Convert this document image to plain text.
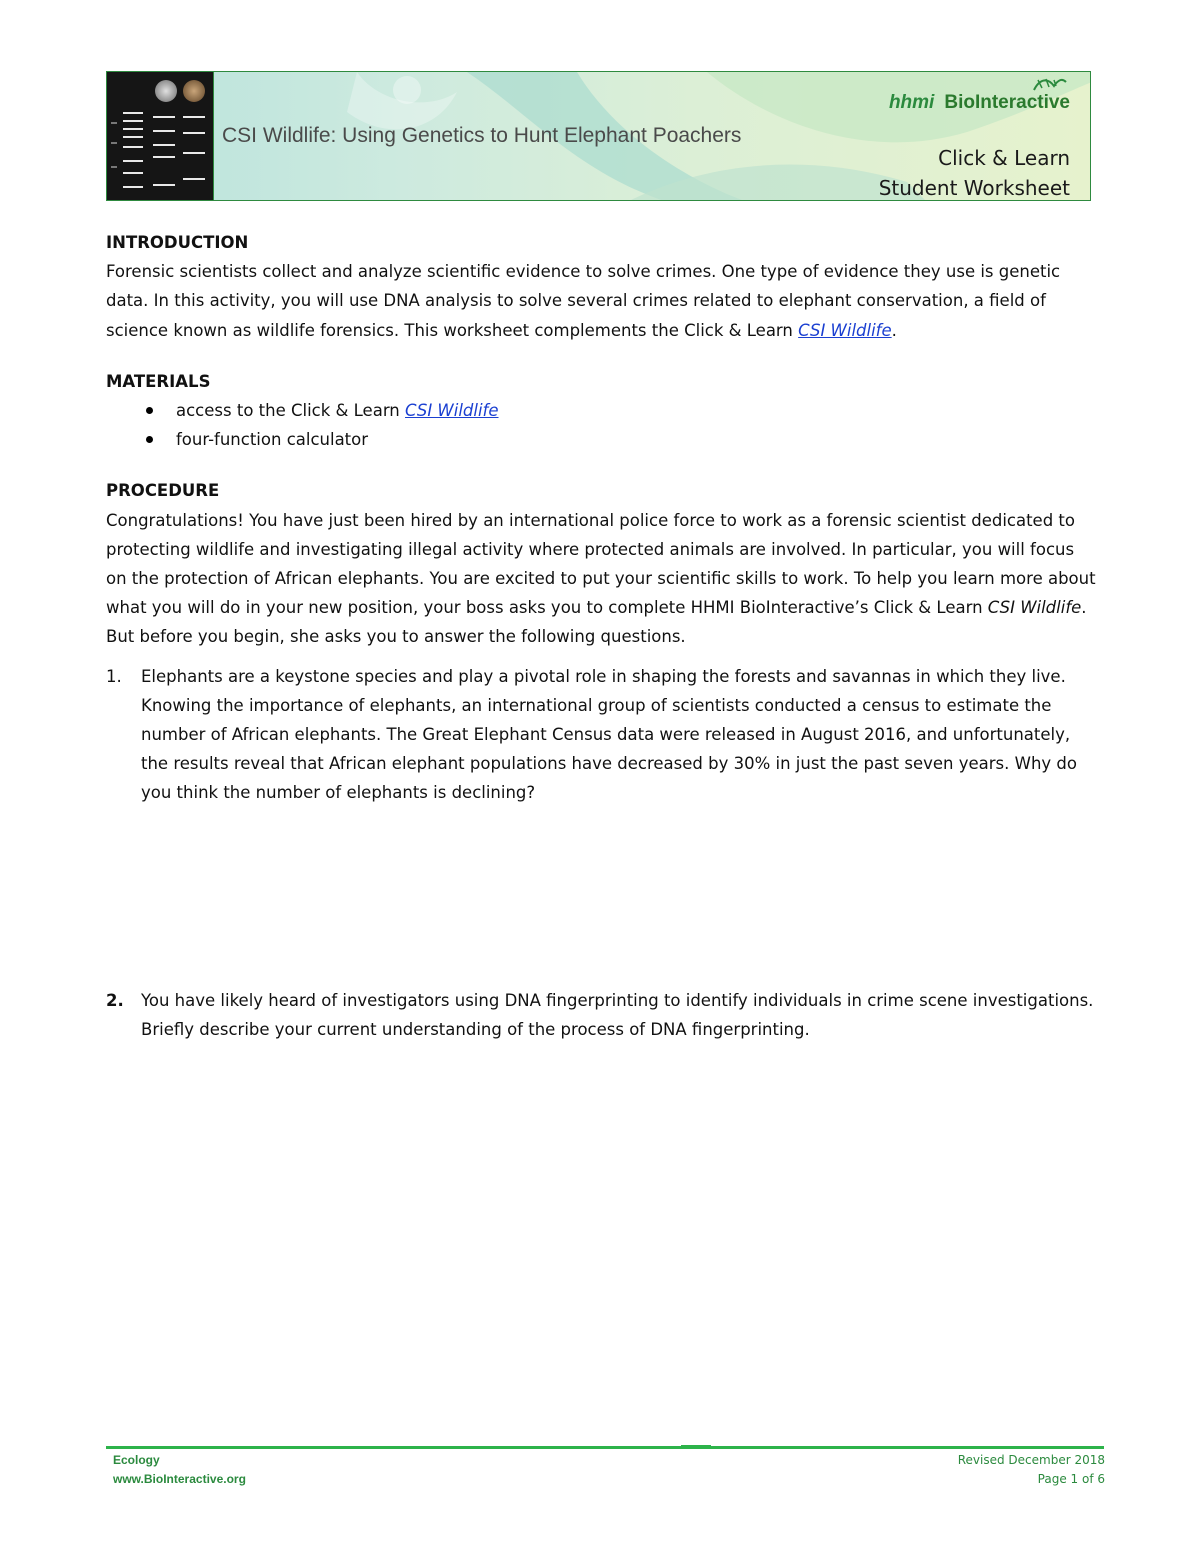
CSI Wildlife: Using Genetics to Hunt Elephant Poachers
hhmi BioInteractive
Click & Learn
Student Worksheet

INTRODUCTION

Forensic scientists collect and analyze scientific evidence to solve crimes. One type of evidence they use is genetic data. In this activity, you will use DNA analysis to solve several crimes related to elephant conservation, a field of science known as wildlife forensics. This worksheet complements the Click & Learn CSI Wildlife.

MATERIALS

access to the Click & Learn CSI Wildlife
four-function calculator

PROCEDURE

Congratulations! You have just been hired by an international police force to work as a forensic scientist dedicated to protecting wildlife and investigating illegal activity where protected animals are involved. In particular, you will focus on the protection of African elephants. You are excited to put your scientific skills to work. To help you learn more about what you will do in your new position, your boss asks you to complete HHMI BioInteractive’s Click & Learn CSI Wildlife. But before you begin, she asks you to answer the following questions.

1. Elephants are a keystone species and play a pivotal role in shaping the forests and savannas in which they live. Knowing the importance of elephants, an international group of scientists conducted a census to estimate the number of African elephants. The Great Elephant Census data were released in August 2016, and unfortunately, the results reveal that African elephant populations have decreased by 30% in just the past seven years. Why do you think the number of elephants is declining?
2. You have likely heard of investigators using DNA fingerprinting to identify individuals in crime scene investigations. Briefly describe your current understanding of the process of DNA fingerprinting.
Ecology
www.BioInteractive.org
Revised December 2018
Page 1 of 6
